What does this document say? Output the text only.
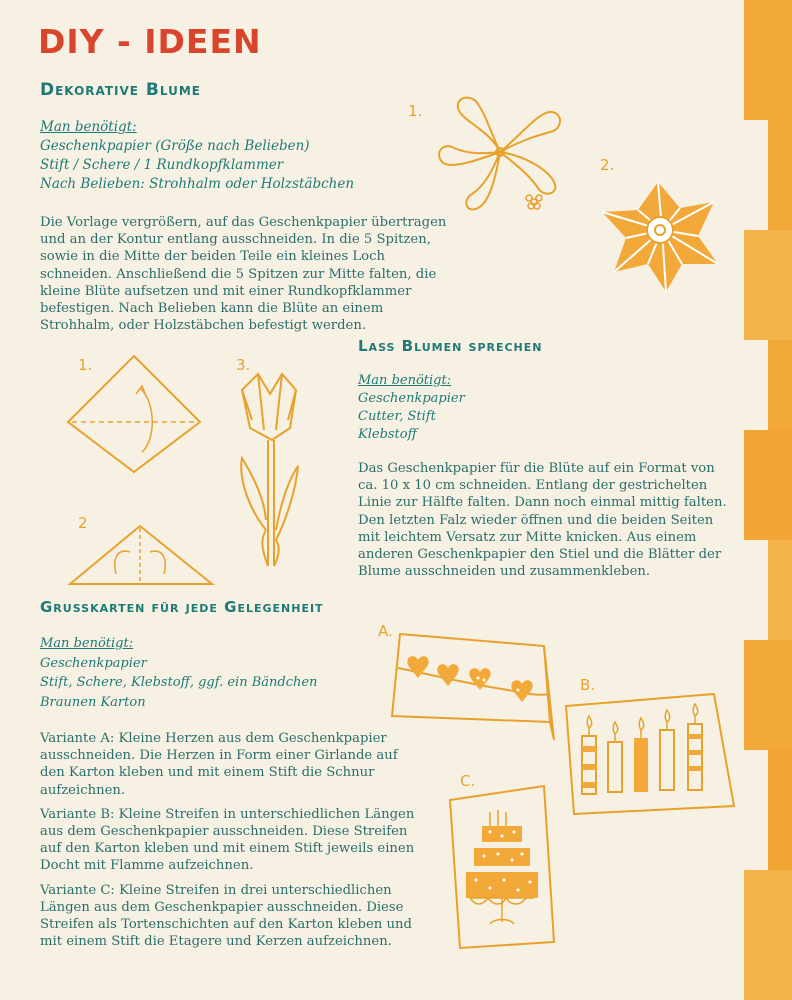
DIY - IDEEN
Dekorative Blume
Man benötigt:
Geschenkpapier (Größe nach Belieben)
Stift / Schere / 1 Rundkopfklammer
Nach Belieben: Strohhalm oder Holzstäbchen

Die Vorlage vergrößern, auf das Geschenkpapier übertragen und an der Kontur entlang ausschneiden. In die 5 Spitzen, sowie in die Mitte der beiden Teile ein kleines Loch schneiden. Anschließend die 5 Spitzen zur Mitte falten, die kleine Blüte aufsetzen und mit einer Rundkopfklammer befestigen. Nach Belieben kann die Blüte an einem Strohhalm, oder Holzstäbchen befestigt werden.

1.
2.
1.
2
3.
Lass Blumen sprechen
Man benötigt:
Geschenkpapier
Cutter, Stift
Klebstoff

Das Geschenkpapier für die Blüte auf ein Format von ca. 10 x 10 cm schneiden. Entlang der gestrichelten Linie zur Hälfte falten. Dann noch einmal mittig falten. Den letzten Falz wieder öffnen und die beiden Seiten mit leichtem Versatz zur Mitte knicken. Aus einem anderen Geschenkpapier den Stiel und die Blätter der Blume ausschneiden und zusammenkleben.

Grusskarten für jede Gelegenheit
Man benötigt:
Geschenkpapier
Stift, Schere, Klebstoff, ggf. ein Bändchen
Braunen Karton

Variante A: Kleine Herzen aus dem Geschenkpapier ausschneiden. Die Herzen in Form einer Girlande auf den Karton kleben und mit einem Stift die Schnur aufzeichnen.

Variante B: Kleine Streifen in unterschiedlichen Längen aus dem Geschenkpapier ausschneiden. Diese Streifen auf den Karton kleben und mit einem Stift jeweils einen Docht mit Flamme aufzeichnen.

Variante C: Kleine Streifen in drei unterschiedlichen Längen aus dem Geschenkpapier ausschneiden. Diese Streifen als Tortenschichten auf den Karton kleben und mit einem Stift die Etagere und Kerzen aufzeichnen.

A.
B.
C.
